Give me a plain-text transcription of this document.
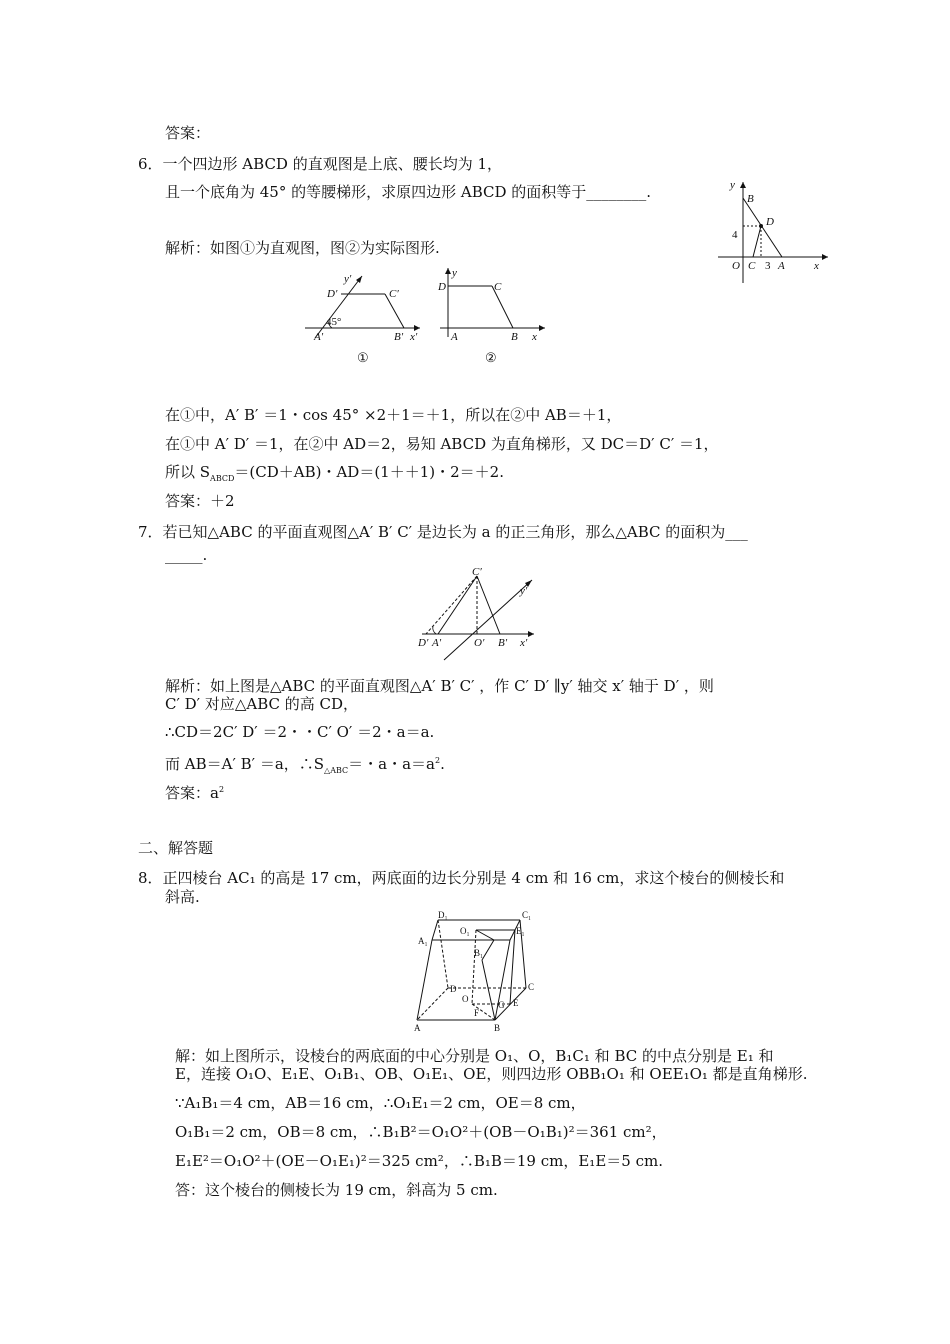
答案：
6．一个四边形 ABCD 的直观图是上底、腰长均为 1，
且一个底角为 45° 的等腰梯形，求原四边形 ABCD 的面积等于________.
解析：如图①为直观图，图②为实际图形.
y
B
D
4
O C 3 A	x
y′
D′	C′
45°
A′	B′ x′
①
y
D	C
A	B x
②
在①中，A′ B′ ＝1・cos 45° ×2＋1＝＋1，所以在②中 AB＝＋1，
在①中 A′ D′ ＝1，在②中 AD＝2，易知 ABCD 为直角梯形，又 DC＝D′ C′ ＝1，
所以 $S_{ABCD}=(CD+AB)$・AD＝(1＋＋1)・2＝＋2.
答案：＋2
7．若已知△ABC 的平面直观图△A′ B′ C′ 是边长为 a 的正三角形，那么△ABC 的面积为___
_____.
C′
y′
D′ A′	O′ B′ x′
解析：如上图是△ABC 的平面直观图△A′ B′ C′ ，作 C′ D′ ∥y′ 轴交 x′ 轴于 D′ ，则
C′ D′ 对应△ABC 的高 CD，
∴CD＝2C′ D′ ＝2・・C′ O′ ＝2・a＝a.
而 AB＝A′ B′ ＝a，$\therefore S_{\triangle ABC}=$・a・$a=a^2$.
答案：$a^2$
二、解答题
8．正四棱台 AC₁ 的高是 17 cm，两底面的边长分别是 4 cm 和 16 cm，求这个棱台的侧棱长和
斜高.
D₁	C₁
A₁
O₁	E₁
B₁
D
O
G
C
E
F
A	B
解：如上图所示，设棱台的两底面的中心分别是 O₁、O，B₁C₁ 和 BC 的中点分别是 E₁ 和
E，连接 O₁O、E₁E、O₁B₁、OB、O₁E₁、OE，则四边形 OBB₁O₁ 和 OEE₁O₁ 都是直角梯形.
∵A₁B₁＝4 cm，AB＝16 cm，∴O₁E₁＝2 cm，OE＝8 cm，
O₁B₁＝2 cm，OB＝8 cm，∴B₁B²＝O₁O²＋(OB－O₁B₁)²＝361 cm²，
E₁E²＝O₁O²＋(OE－O₁E₁)²＝325 cm²，∴B₁B＝19 cm，E₁E＝5 cm.
答：这个棱台的侧棱长为 19 cm，斜高为 5 cm.
